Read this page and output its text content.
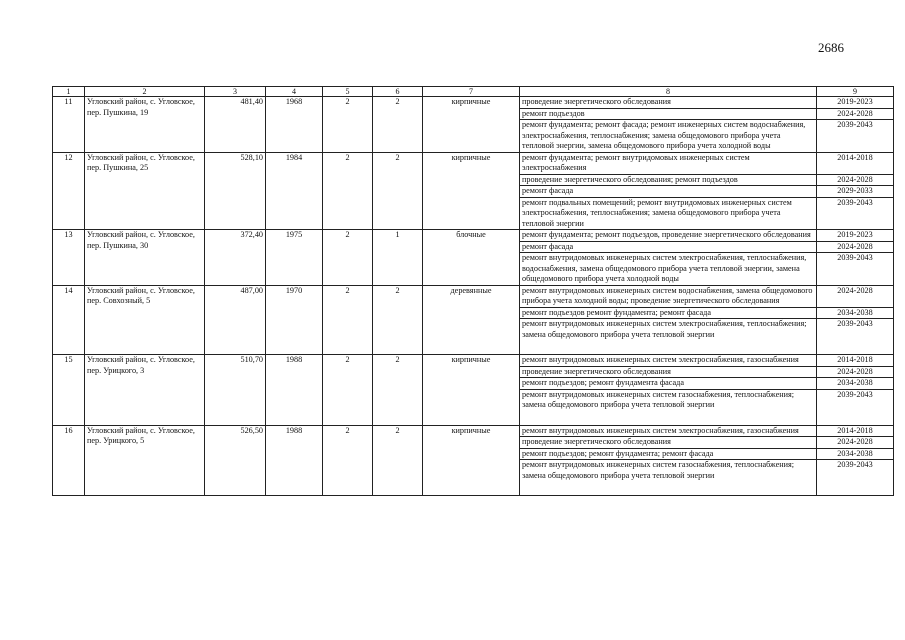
2686
1	2	3	4	5	6	7	8	9
11	Угловский район, с. Угловское, пер. Пушкина, 19	481,40	1968	2	2	кирпичные	проведение энергетического обследования	2019-2023
							ремонт подъездов	2024-2028
							ремонт фундамента; ремонт фасада; ремонт инженерных систем водоснабжения, электроснабжения, теплоснабжения; замена общедомового прибора учета тепловой энергии, замена общедомового прибора учета холодной воды	2039-2043
12	Угловский район, с. Угловское, пер. Пушкина, 25	528,10	1984	2	2	кирпичные	ремонт фундамента; ремонт внутридомовых инженерных систем электроснабжения	2014-2018
							проведение энергетического обследования; ремонт подъездов	2024-2028
							ремонт фасада	2029-2033
							ремонт подвальных помещений; ремонт внутридомовых инженерных систем электроснабжения, теплоснабжения; замена общедомового прибора учета тепловой энергии	2039-2043
13	Угловский район, с. Угловское, пер. Пушкина, 30	372,40	1975	2	1	блочные	ремонт фундамента; ремонт подъездов, проведение энергетического обследования	2019-2023
							ремонт фасада	2024-2028
							ремонт внутридомовых инженерных систем электроснабжения, теплоснабжения, водоснабжения, замена общедомового прибора учета тепловой энергии, замена общедомового прибора учета холодной воды	2039-2043
14	Угловский район, с. Угловское, пер. Совхозный, 5	487,00	1970	2	2	деревянные	ремонт внутридомовых инженерных систем водоснабжения, замена общедомового прибора учета холодной воды; проведение энергетического обследования	2024-2028
							ремонт подъездов ремонт фундамента; ремонт фасада	2034-2038
							ремонт внутридомовых инженерных систем электроснабжения, теплоснабжения; замена общедомового прибора учета тепловой энергии	2039-2043
15	Угловский район, с. Угловское, пер. Урицкого, 3	510,70	1988	2	2	кирпичные	ремонт внутридомовых инженерных систем электроснабжения, газоснабжения	2014-2018
							проведение энергетического обследования	2024-2028
							ремонт подъездов; ремонт фундамента фасада	2034-2038
							ремонт внутридомовых инженерных систем газоснабжения, теплоснабжения; замена общедомового прибора учета тепловой энергии	2039-2043
16	Угловский район, с. Угловское, пер. Урицкого, 5	526,50	1988	2	2	кирпичные	ремонт внутридомовых инженерных систем электроснабжения, газоснабжения	2014-2018
							проведение энергетического обследования	2024-2028
							ремонт подъездов; ремонт фундамента; ремонт фасада	2034-2038
							ремонт внутридомовых инженерных систем газоснабжения, теплоснабжения; замена общедомового прибора учета тепловой энергии	2039-2043
